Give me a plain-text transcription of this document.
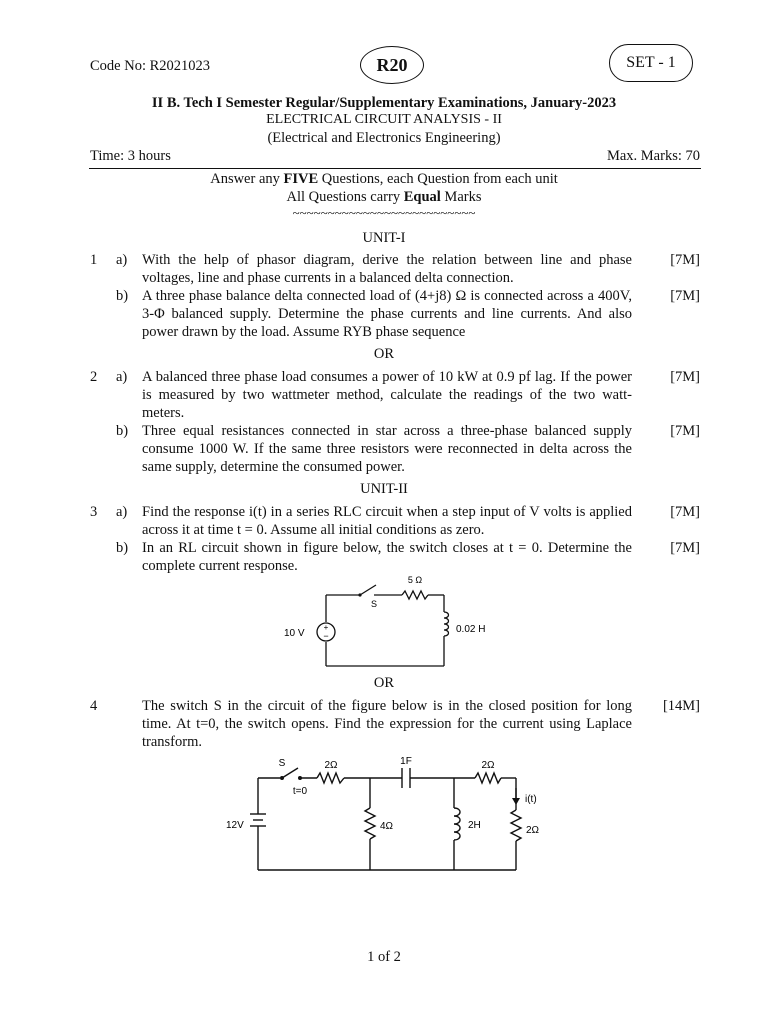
Code No: R2021023	R20	SET - 1
II B. Tech I Semester Regular/Supplementary Examinations, January-2023
ELECTRICAL CIRCUIT ANALYSIS - II
(Electrical and Electronics Engineering)
Time: 3 hours	Max. Marks: 70
Answer any FIVE Questions, each Question from each unit
All Questions carry Equal Marks
~~~~~~~~~~~~~~~~~~~~~~~~~~
UNIT-I
1 a) With the help of phasor diagram, derive the relation between line and phase voltages, line and phase currents in a balanced delta connection.
[7M]
b) A three phase balance delta connected load of (4+j8) Ω is connected across a 400V, 3-Φ balanced supply. Determine the phase currents and line currents. And also power drawn by the load. Assume RYB phase sequence
[7M]
OR
2 a) A balanced three phase load consumes a power of 10 kW at 0.9 pf lag. If the power is measured by two wattmeter method, calculate the readings of the two watt-meters.
[7M]
b) Three equal resistances connected in star across a three-phase balanced supply consume 1000 W. If the same three resistors were reconnected in delta across the same supply, determine the consumed power.
[7M]
UNIT-II
3 a) Find the response i(t) in a series RLC circuit when a step input of V volts is applied across it at time t = 0. Assume all initial conditions as zero.
[7M]
b) In an RL circuit shown in figure below, the switch closes at t = 0. Determine the complete current response.
[7M]
+
−
5 Ω
S
10 V	0.02 H
OR
4	The switch S in the circuit of the figure below is in the closed position for long time. At t=0, the switch opens. Find the expression for the current using Laplace transform.
[14M]
S
t=0
2Ω	1F	2Ω
12V	4Ω	2H	2Ω
i(t)
1 of 2
